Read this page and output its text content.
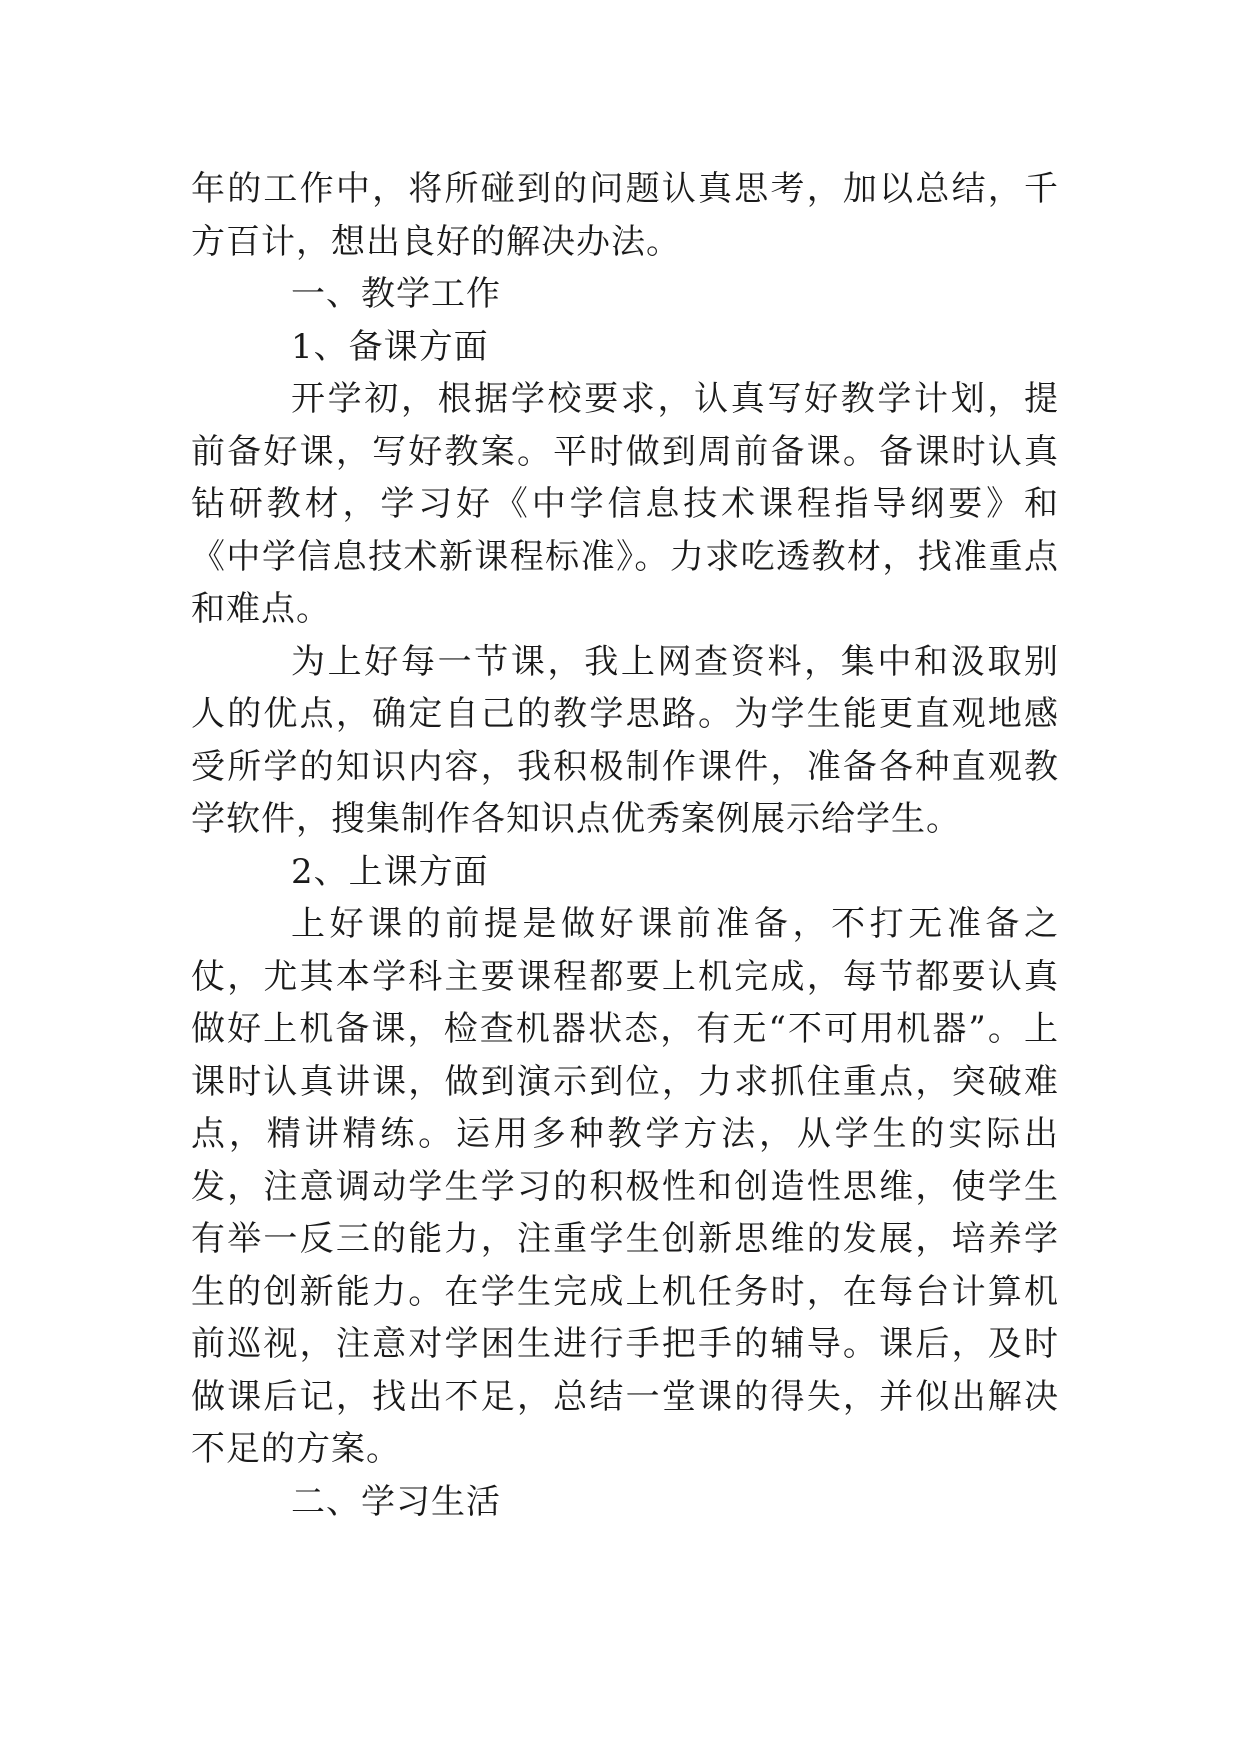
年的工作中，将所碰到的问题认真思考，加以总结，千方百计，想出良好的解决办法。

一、教学工作

1、备课方面

开学初，根据学校要求，认真写好教学计划，提前备好课，写好教案。平时做到周前备课。备课时认真钻研教材，学习好《中学信息技术课程指导纲要》和《中学信息技术新课程标准》。力求吃透教材，找准重点和难点。

为上好每一节课，我上网查资料，集中和汲取别人的优点，确定自己的教学思路。为学生能更直观地感受所学的知识内容，我积极制作课件，准备各种直观教学软件，搜集制作各知识点优秀案例展示给学生。

2、上课方面

上好课的前提是做好课前准备，不打无准备之仗，尤其本学科主要课程都要上机完成，每节都要认真做好上机备课，检查机器状态，有无“不可用机器”。上课时认真讲课，做到演示到位，力求抓住重点，突破难点，精讲精练。运用多种教学方法，从学生的实际出发，注意调动学生学习的积极性和创造性思维，使学生有举一反三的能力，注重学生创新思维的发展，培养学生的创新能力。在学生完成上机任务时，在每台计算机前巡视，注意对学困生进行手把手的辅导。课后，及时做课后记，找出不足，总结一堂课的得失，并似出解决不足的方案。

二、学习生活
